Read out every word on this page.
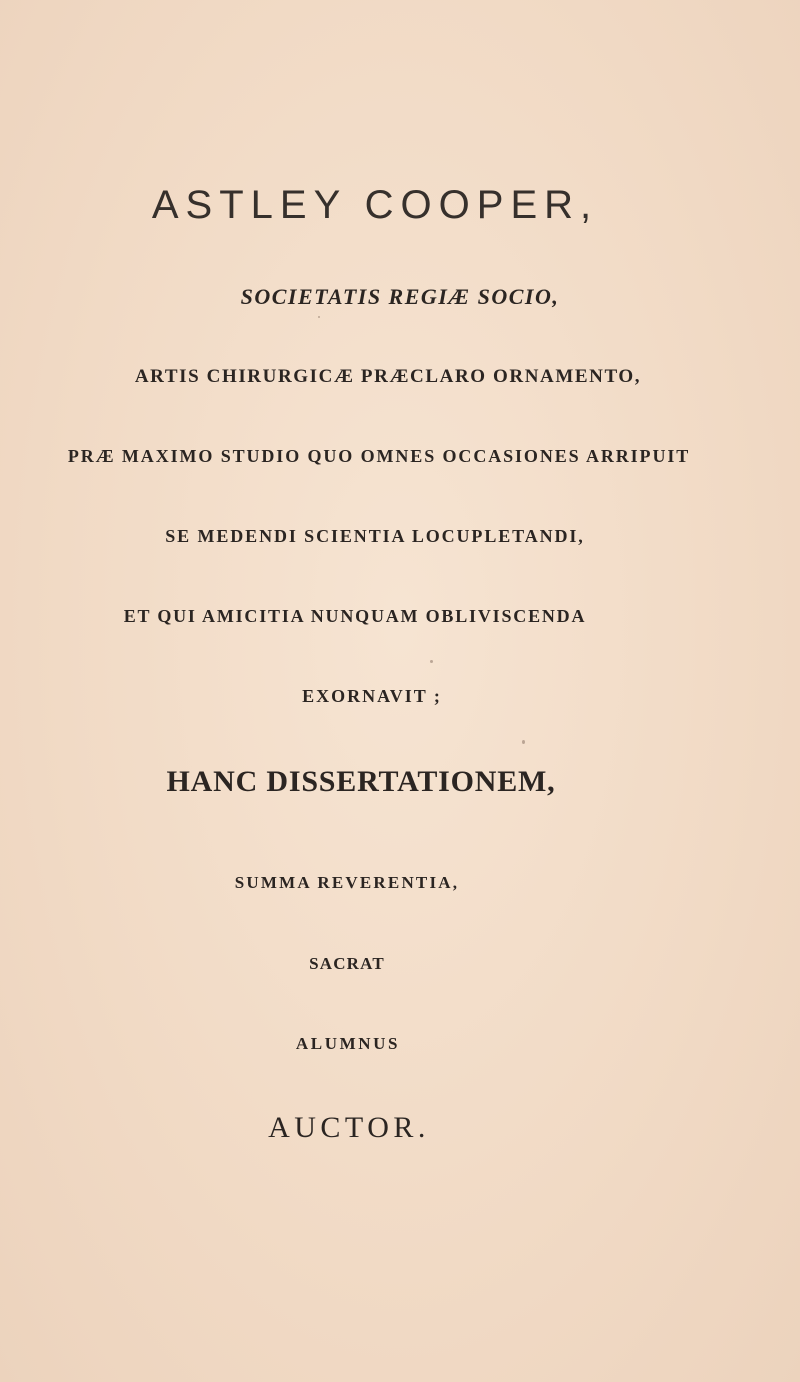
ASTLEY COOPER,
SOCIETATIS REGIÆ SOCIO,
ARTIS CHIRURGICÆ PRÆCLARO ORNAMENTO,
PRÆ MAXIMO STUDIO QUO OMNES OCCASIONES ARRIPUIT
SE MEDENDI SCIENTIA LOCUPLETANDI,
ET QUI AMICITIA NUNQUAM OBLIVISCENDA
EXORNAVIT ;
HANC DISSERTATIONEM,
SUMMA REVERENTIA,
SACRAT
ALUMNUS
AUCTOR.
